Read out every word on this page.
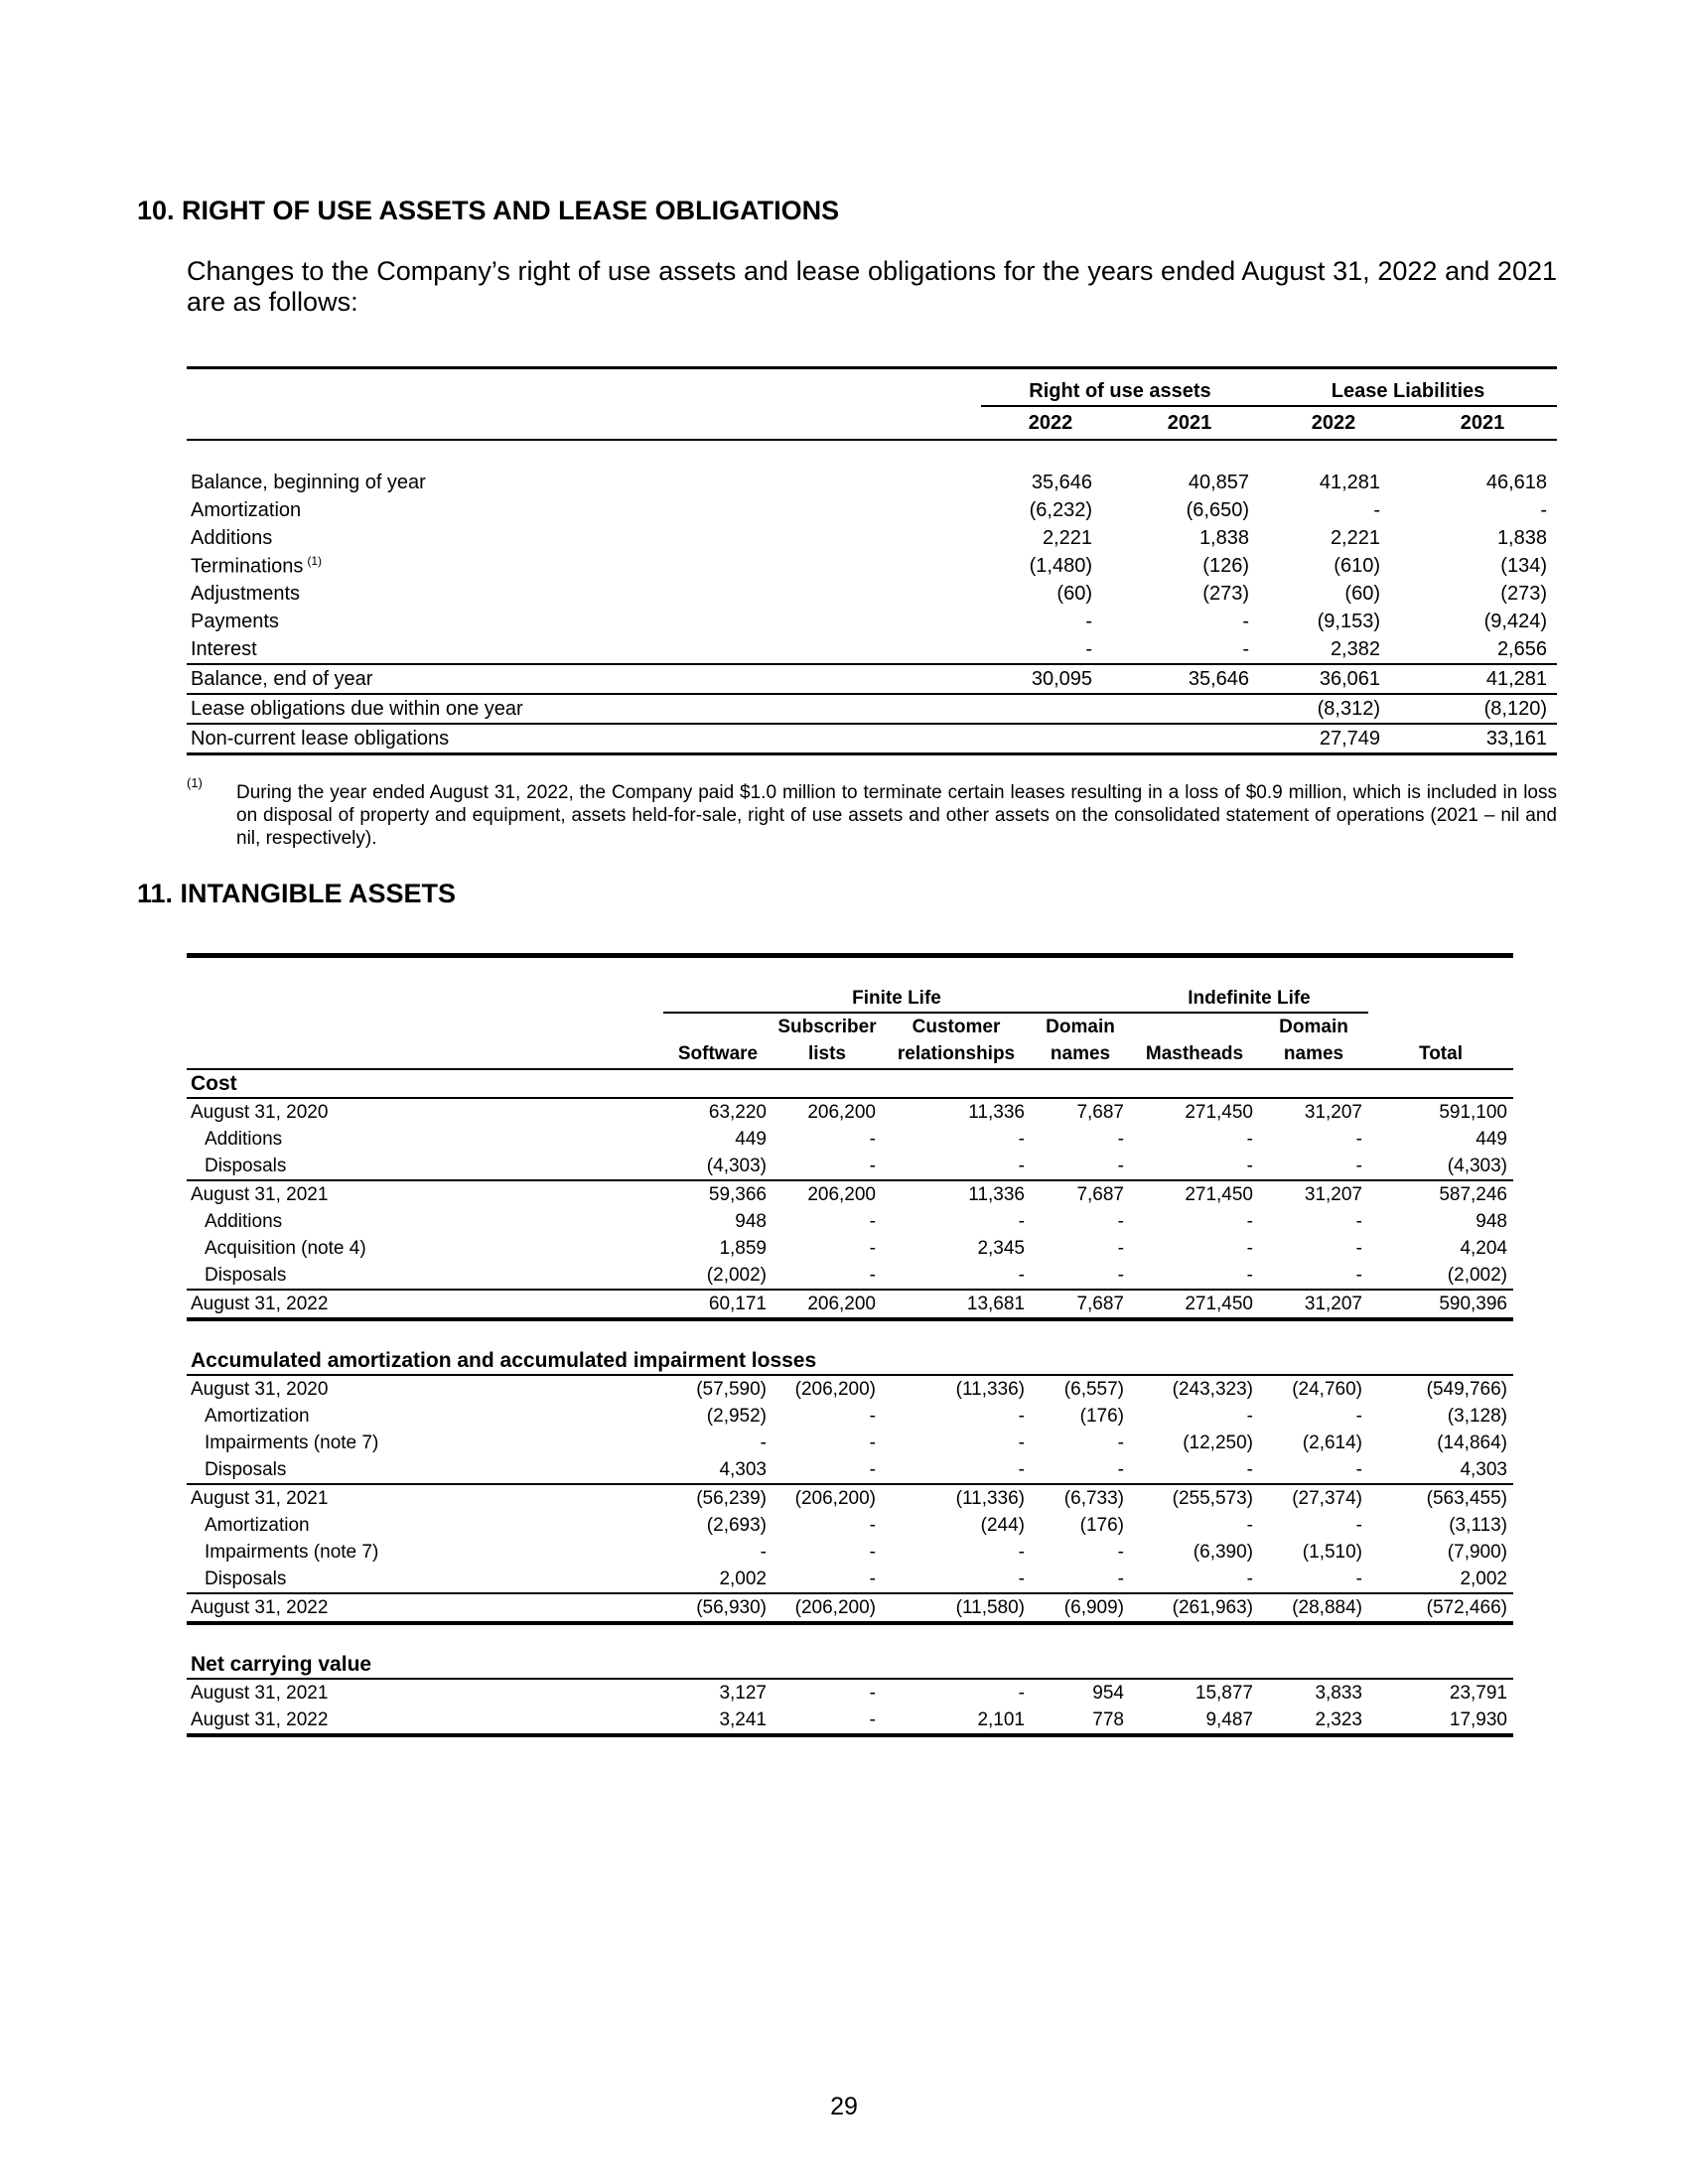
10. RIGHT OF USE ASSETS AND LEASE OBLIGATIONS
Changes to the Company’s right of use assets and lease obligations for the years ended August 31, 2022 and 2021 are as follows:
	Right of use assets		Lease Liabilities	
	2022	2021	2022	2021

Balance, beginning of year	35,646	40,857	41,281	46,618
Amortization	(6,232)	(6,650)	-	-
Additions	2,221	1,838	2,221	1,838
Terminations $^{(1)}$	(1,480)	(126)	(610)	(134)
Adjustments	(60)	(273)	(60)	(273)
Payments	-	-	(9,153)	(9,424)
Interest	-	-	2,382	2,656
Balance, end of year	30,095	35,646	36,061	41,281
Lease obligations due within one year			(8,312)	(8,120)
Non-current lease obligations			27,749	33,161
(1) During the year ended August 31, 2022, the Company paid $1.0 million to terminate certain leases resulting in a loss of $0.9 million, which is included in loss on disposal of property and equipment, assets held-for-sale, right of use assets and other assets on the consolidated statement of operations (2021 – nil and nil, respectively).
11. INTANGIBLE ASSETS

	Finite Life				Indefinite Life		
		Subscriber	Customer	Domain		Domain	
	Software	lists	relationships	names	Mastheads	names	Total
Cost							
August 31, 2020	63,220	206,200	11,336	7,687	271,450	31,207	591,100
Additions	449	-	-	-	-	-	449
Disposals	(4,303)	-	-	-	-	-	(4,303)
August 31, 2021	59,366	206,200	11,336	7,687	271,450	31,207	587,246
Additions	948	-	-	-	-	-	948
Acquisition (note 4)	1,859	-	2,345	-	-	-	4,204
Disposals	(2,002)	-	-	-	-	-	(2,002)
August 31, 2022	60,171	206,200	13,681	7,687	271,450	31,207	590,396

Accumulated amortization and accumulated impairment losses							
August 31, 2020	(57,590)	(206,200)	(11,336)	(6,557)	(243,323)	(24,760)	(549,766)
Amortization	(2,952)	-	-	(176)	-	-	(3,128)
Impairments (note 7)	-	-	-	-	(12,250)	(2,614)	(14,864)
Disposals	4,303	-	-	-	-	-	4,303
August 31, 2021	(56,239)	(206,200)	(11,336)	(6,733)	(255,573)	(27,374)	(563,455)
Amortization	(2,693)	-	(244)	(176)	-	-	(3,113)
Impairments (note 7)	-	-	-	-	(6,390)	(1,510)	(7,900)
Disposals	2,002	-	-	-	-	-	2,002
August 31, 2022	(56,930)	(206,200)	(11,580)	(6,909)	(261,963)	(28,884)	(572,466)

Net carrying value							
August 31, 2021	3,127	-	-	954	15,877	3,833	23,791
August 31, 2022	3,241	-	2,101	778	9,487	2,323	17,930
29
